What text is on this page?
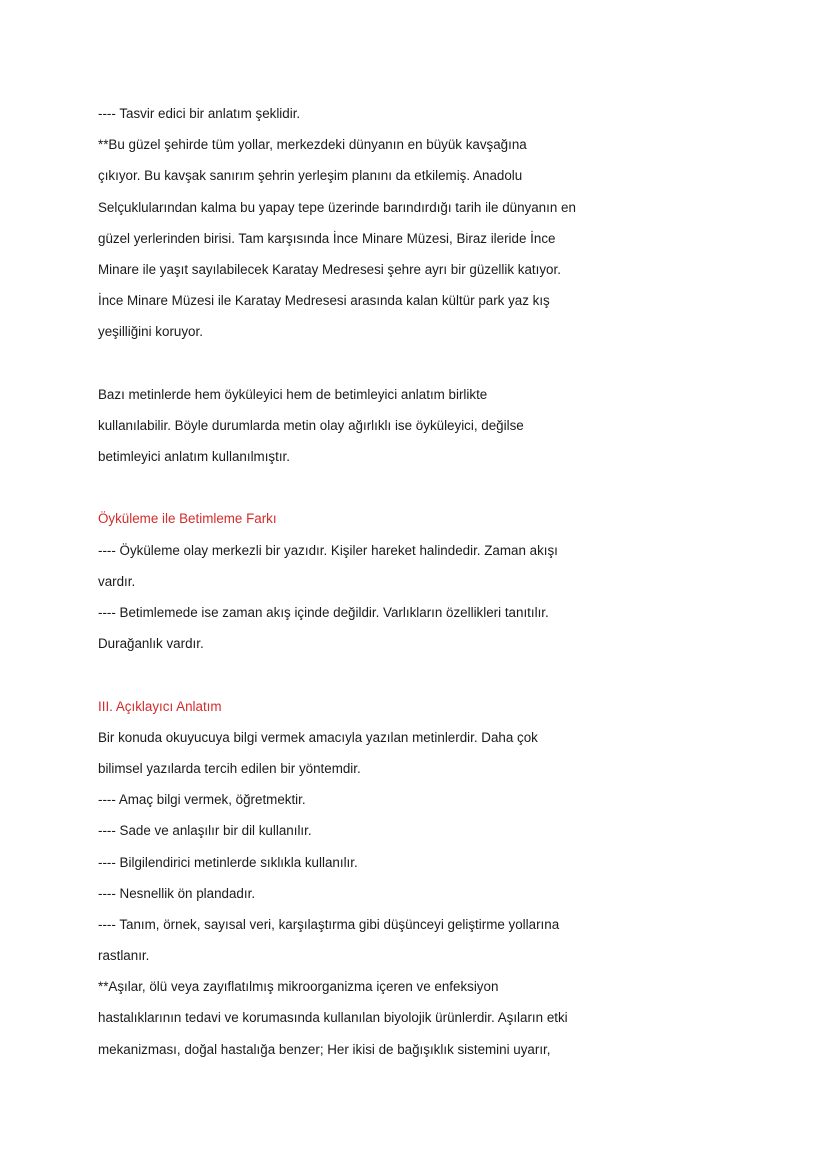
---- Tasvir edici bir anlatım şeklidir.
**Bu güzel şehirde tüm yollar, merkezdeki dünyanın en büyük kavşağına
çıkıyor. Bu kavşak sanırım şehrin yerleşim planını da etkilemiş. Anadolu
Selçuklularından kalma bu yapay tepe üzerinde barındırdığı tarih ile dünyanın en
güzel yerlerinden birisi. Tam karşısında İnce Minare Müzesi, Biraz ileride İnce
Minare ile yaşıt sayılabilecek Karatay Medresesi şehre ayrı bir güzellik katıyor.
İnce Minare Müzesi ile Karatay Medresesi arasında kalan kültür park yaz kış
yeşilliğini koruyor.
Bazı metinlerde hem öyküleyici hem de betimleyici anlatım birlikte
kullanılabilir. Böyle durumlarda metin olay ağırlıklı ise öyküleyici, değilse
betimleyici anlatım kullanılmıştır.
Öyküleme ile Betimleme Farkı
---- Öyküleme olay merkezli bir yazıdır. Kişiler hareket halindedir. Zaman akışı
vardır.
---- Betimlemede ise zaman akış içinde değildir. Varlıkların özellikleri tanıtılır.
Durağanlık vardır.
III. Açıklayıcı Anlatım
Bir konuda okuyucuya bilgi vermek amacıyla yazılan metinlerdir. Daha çok
bilimsel yazılarda tercih edilen bir yöntemdir.
---- Amaç bilgi vermek, öğretmektir.
---- Sade ve anlaşılır bir dil kullanılır.
---- Bilgilendirici metinlerde sıklıkla kullanılır.
---- Nesnellik ön plandadır.
---- Tanım, örnek, sayısal veri, karşılaştırma gibi düşünceyi geliştirme yollarına
rastlanır.
**Aşılar, ölü veya zayıflatılmış mikroorganizma içeren ve enfeksiyon
hastalıklarının tedavi ve korumasında kullanılan biyolojik ürünlerdir. Aşıların etki
mekanizması, doğal hastalığa benzer; Her ikisi de bağışıklık sistemini uyarır,
